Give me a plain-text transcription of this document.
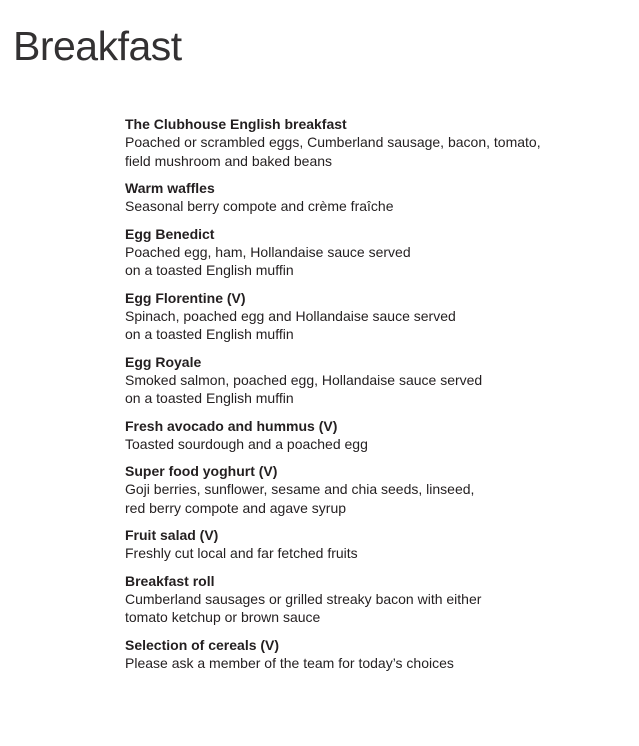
Breakfast
The Clubhouse English breakfast
Poached or scrambled eggs, Cumberland sausage, bacon, tomato,
field mushroom and baked beans
Warm waffles
Seasonal berry compote and crème fraîche
Egg Benedict
Poached egg, ham, Hollandaise sauce served
on a toasted English muffin
Egg Florentine (V)
Spinach, poached egg and Hollandaise sauce served
on a toasted English muffin
Egg Royale
Smoked salmon, poached egg, Hollandaise sauce served
on a toasted English muffin
Fresh avocado and hummus (V)
Toasted sourdough and a poached egg
Super food yoghurt (V)
Goji berries, sunflower, sesame and chia seeds, linseed,
red berry compote and agave syrup
Fruit salad (V)
Freshly cut local and far fetched fruits
Breakfast roll
Cumberland sausages or grilled streaky bacon with either
tomato ketchup or brown sauce
Selection of cereals (V)
Please ask a member of the team for today’s choices
